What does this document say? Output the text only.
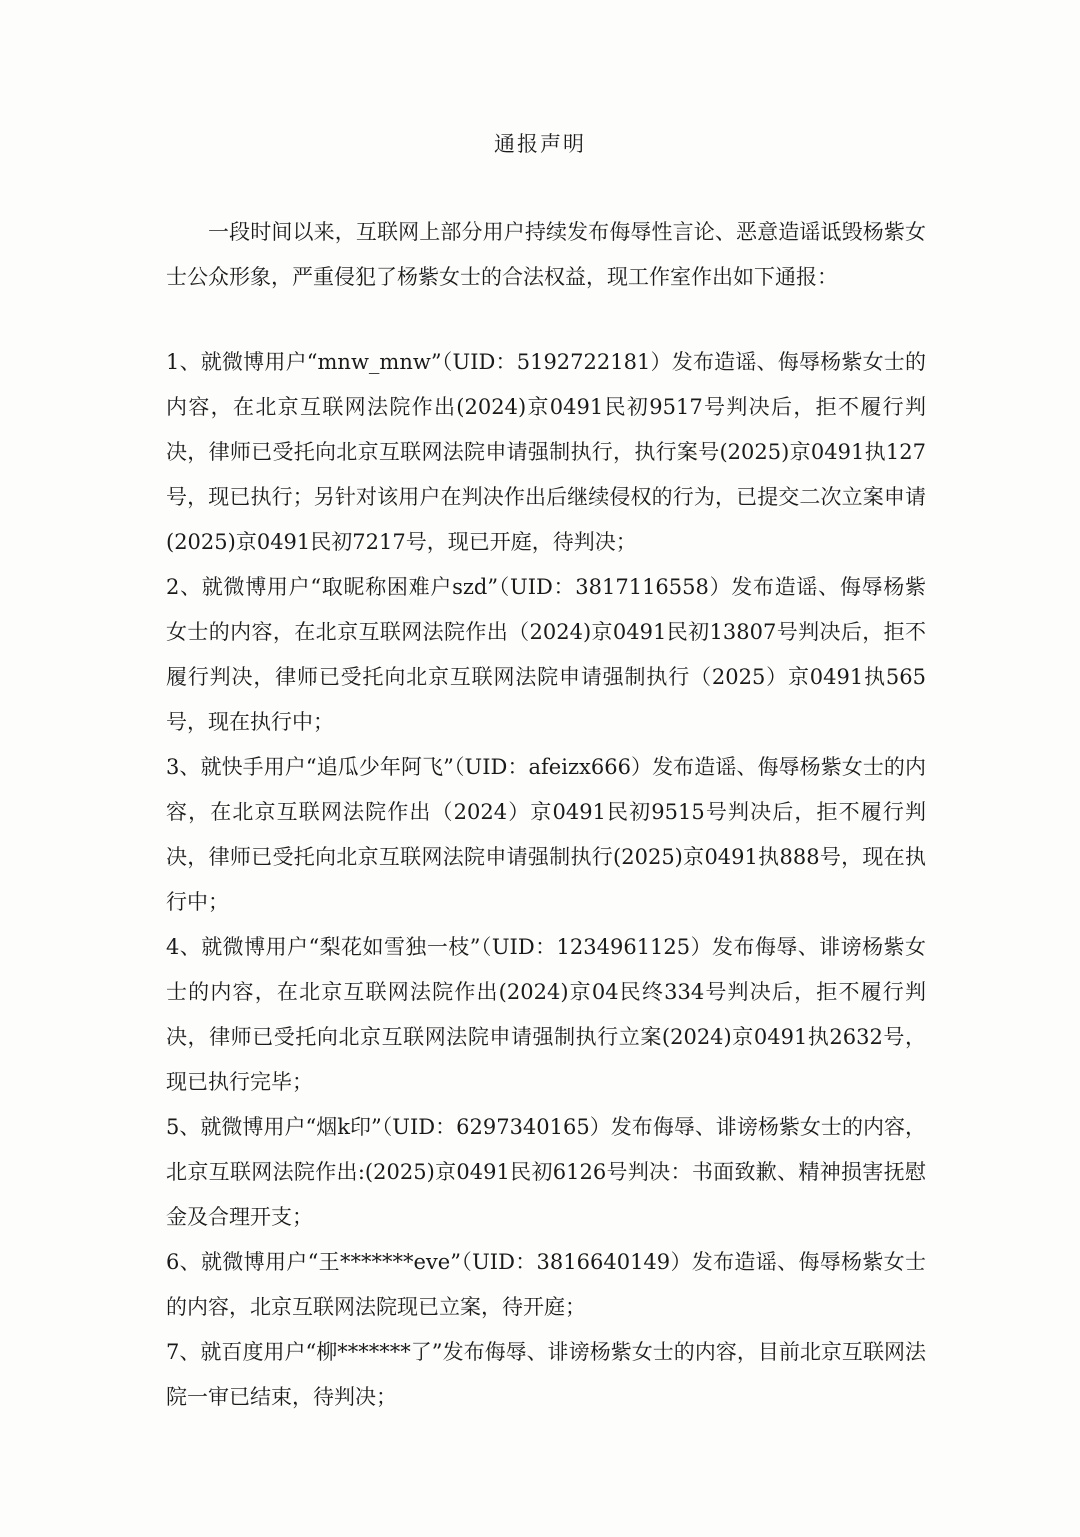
通报声明

一段时间以来，互联网上部分用户持续发布侮辱性言论、恶意造谣诋毁杨紫女士公众形象，严重侵犯了杨紫女士的合法权益，现工作室作出如下通报：

1、就微博用户“mnw_mnw”（UID：5192722181）发布造谣、侮辱杨紫女士的内容，在北京互联网法院作出(2024)京0491民初9517号判决后，拒不履行判决，律师已受托向北京互联网法院申请强制执行，执行案号(2025)京0491执127号，现已执行；另针对该用户在判决作出后继续侵权的行为，已提交二次立案申请(2025)京0491民初7217号，现已开庭，待判决；

2、就微博用户“取昵称困难户szd”（UID：3817116558）发布造谣、侮辱杨紫女士的内容，在北京互联网法院作出（2024)京0491民初13807号判决后，拒不履行判决，律师已受托向北京互联网法院申请强制执行（2025）京0491执565号，现在执行中；

3、就快手用户“追瓜少年阿飞”（UID：afeizx666）发布造谣、侮辱杨紫女士的内容，在北京互联网法院作出（2024）京0491民初9515号判决后，拒不履行判决，律师已受托向北京互联网法院申请强制执行(2025)京0491执888号，现在执行中；

4、就微博用户“梨花如雪独一枝”（UID：1234961125）发布侮辱、诽谤杨紫女士的内容，在北京互联网法院作出(2024)京04民终334号判决后，拒不履行判决，律师已受托向北京互联网法院申请强制执行立案(2024)京0491执2632号，现已执行完毕；

5、就微博用户“烟k印”（UID：6297340165）发布侮辱、诽谤杨紫女士的内容，北京互联网法院作出:(2025)京0491民初6126号判决：书面致歉、精神损害抚慰金及合理开支；

6、就微博用户“王*******eve”（UID：3816640149）发布造谣、侮辱杨紫女士的内容，北京互联网法院现已立案，待开庭；

7、就百度用户“柳*******了”发布侮辱、诽谤杨紫女士的内容，目前北京互联网法院一审已结束，待判决；
